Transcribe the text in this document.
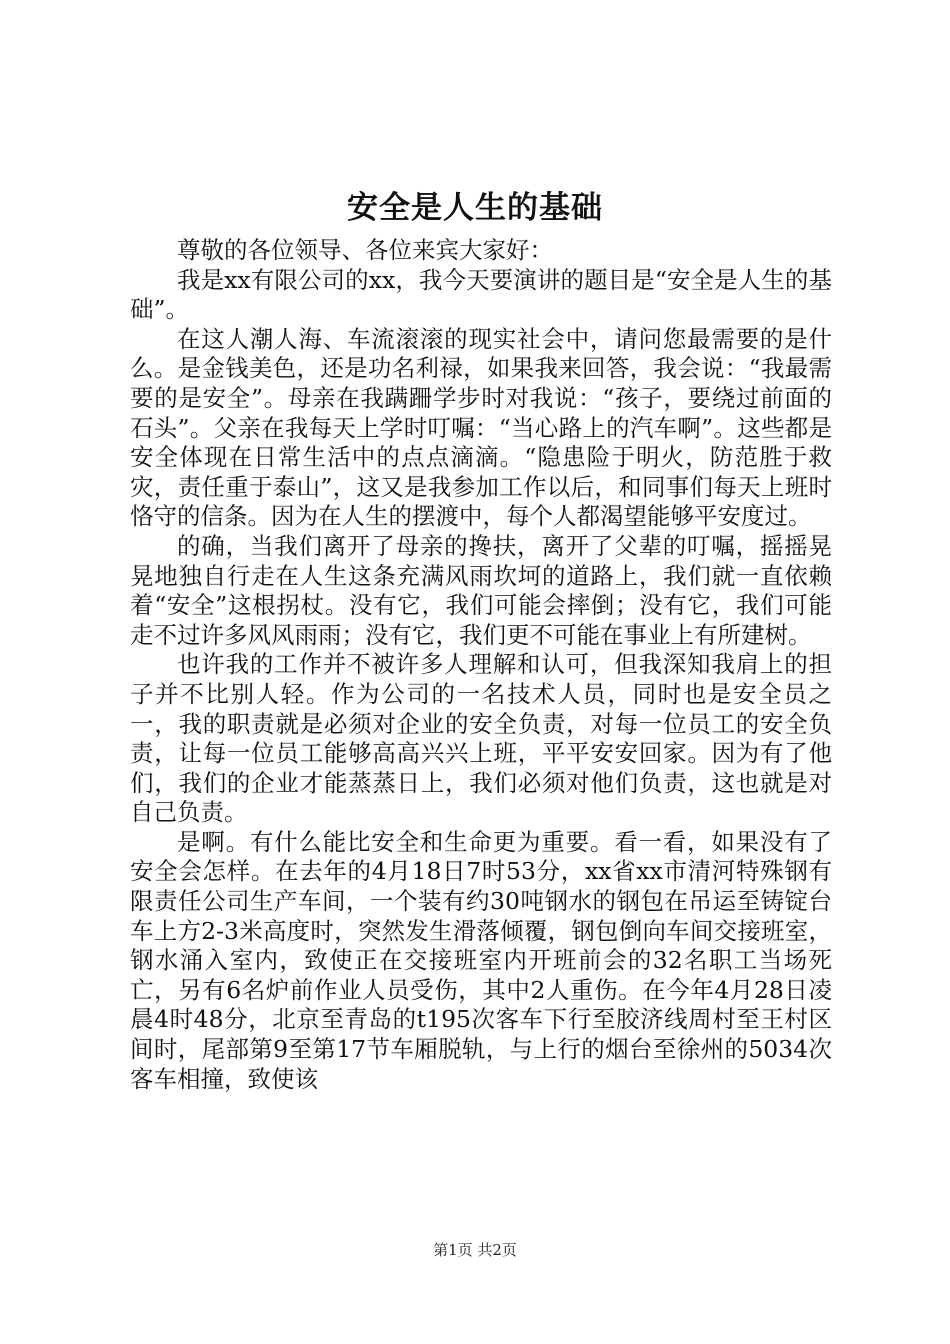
安全是人生的基础

尊敬的各位领导、各位来宾大家好：

我是xx有限公司的xx，我今天要演讲的题目是“安全是人生的基础”。

在这人潮人海、车流滚滚的现实社会中，请问您最需要的是什么。是金钱美色，还是功名利禄，如果我来回答，我会说：“我最需要的是安全”。母亲在我蹒跚学步时对我说：“孩子，要绕过前面的石头”。父亲在我每天上学时叮嘱：“当心路上的汽车啊”。这些都是安全体现在日常生活中的点点滴滴。“隐患险于明火，防范胜于救灾，责任重于泰山”，这又是我参加工作以后，和同事们每天上班时恪守的信条。因为在人生的摆渡中，每个人都渴望能够平安度过。

的确，当我们离开了母亲的搀扶，离开了父辈的叮嘱，摇摇晃晃地独自行走在人生这条充满风雨坎坷的道路上，我们就一直依赖着“安全”这根拐杖。没有它，我们可能会摔倒；没有它，我们可能走不过许多风风雨雨；没有它，我们更不可能在事业上有所建树。

也许我的工作并不被许多人理解和认可，但我深知我肩上的担子并不比别人轻。作为公司的一名技术人员，同时也是安全员之一，我的职责就是必须对企业的安全负责，对每一位员工的安全负责，让每一位员工能够高高兴兴上班，平平安安回家。因为有了他们，我们的企业才能蒸蒸日上，我们必须对他们负责，这也就是对自己负责。

是啊。有什么能比安全和生命更为重要。看一看，如果没有了安全会怎样。在去年的4月18日7时53分，xx省xx市清河特殊钢有限责任公司生产车间，一个装有约30吨钢水的钢包在吊运至铸锭台车上方2-3米高度时，突然发生滑落倾覆，钢包倒向车间交接班室，钢水涌入室内，致使正在交接班室内开班前会的32名职工当场死亡，另有6名炉前作业人员受伤，其中2人重伤。在今年4月28日凌晨4时48分，北京至青岛的t195次客车下行至胶济线周村至王村区间时，尾部第9至第17节车厢脱轨，与上行的烟台至徐州的5034次客车相撞，致使该

第1页 共2页
